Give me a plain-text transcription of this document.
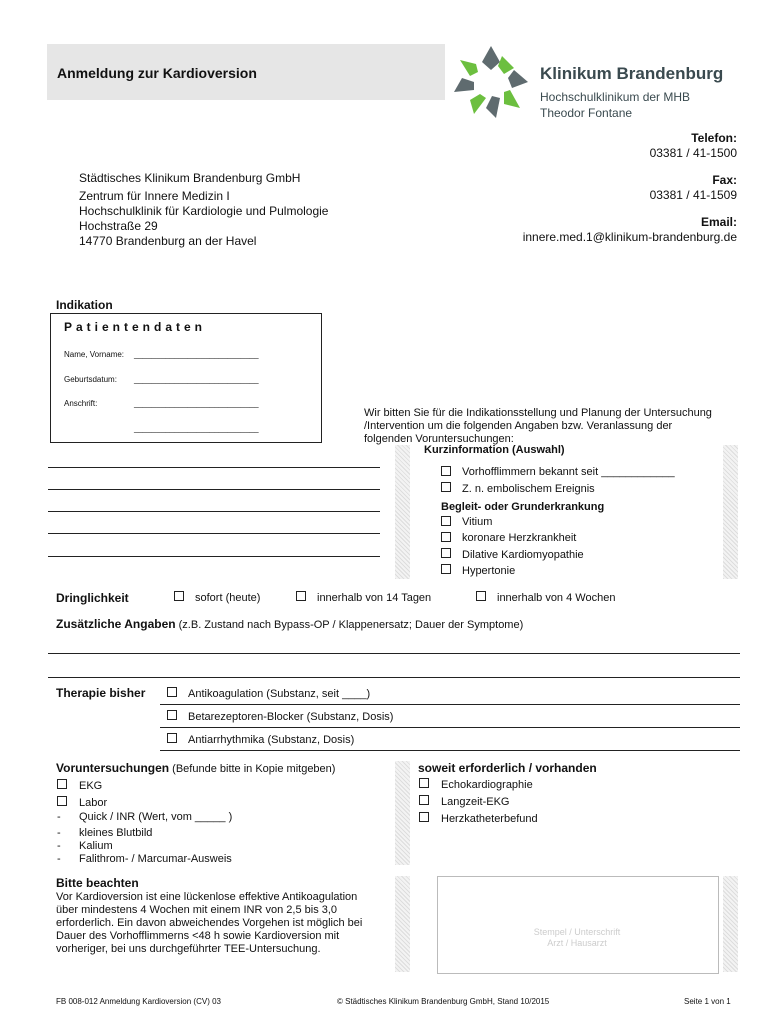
Anmeldung zur Kardioversion	Klinikum Brandenburg
Hochschulklinikum der MHB
Theodor Fontane
Telefon:
03381 / 41-1500
Fax:
03381 / 41-1509
Email:
innere.med.1@klinikum-brandenburg.de
Städtisches Klinikum Brandenburg GmbH
Zentrum für Innere Medizin I
Hochschulklinik für Kardiologie und Pulmologie
Hochstraße 29
14770 Brandenburg an der Havel
Indikation
Patientendaten
Name, Vorname: ____________________________
Geburtsdatum: ____________________________
Anschrift:	____________________________
____________________________
Wir bitten Sie für die Indikationsstellung und Planung der Untersuchung
/Intervention um die folgenden Angaben bzw. Veranlassung der
folgenden Voruntersuchungen:
Kurzinformation (Auswahl)
Vorhofflimmern bekannt seit ____________
Z. n. embolischem Ereignis
Begleit- oder Grunderkrankung
Vitium
koronare Herzkrankheit
Dilative Kardiomyopathie
Hypertonie
Dringlichkeit	sofort (heute)	innerhalb von 14 Tagen	innerhalb von 4 Wochen
Zusätzliche Angaben (z.B. Zustand nach Bypass-OP / Klappenersatz; Dauer der Symptome)
Therapie bisher	Antikoagulation (Substanz, seit ____)
Betarezeptoren-Blocker (Substanz, Dosis)
Antiarrhythmika (Substanz, Dosis)
Voruntersuchungen (Befunde bitte in Kopie mitgeben)
EKG
Labor
- Quick / INR (Wert, vom _____ )
- kleines Blutbild
- Kalium
- Falithrom- / Marcumar-Ausweis
soweit erforderlich / vorhanden
Echokardiographie
Langzeit-EKG
Herzkatheterbefund
Bitte beachten
Vor Kardioversion ist eine lückenlose effektive Antikoagulation
über mindestens 4 Wochen mit einem INR von 2,5 bis 3,0
erforderlich. Ein davon abweichendes Vorgehen ist möglich bei
Dauer des Vorhofflimmerns <48 h sowie Kardioversion mit
vorheriger, bei uns durchgeführter TEE-Untersuchung.
Stempel / Unterschrift
Arzt / Hausarzt
FB 008-012 Anmeldung Kardioversion (CV) 03	© Städtisches Klinikum Brandenburg GmbH, Stand 10/2015	Seite 1 von 1
